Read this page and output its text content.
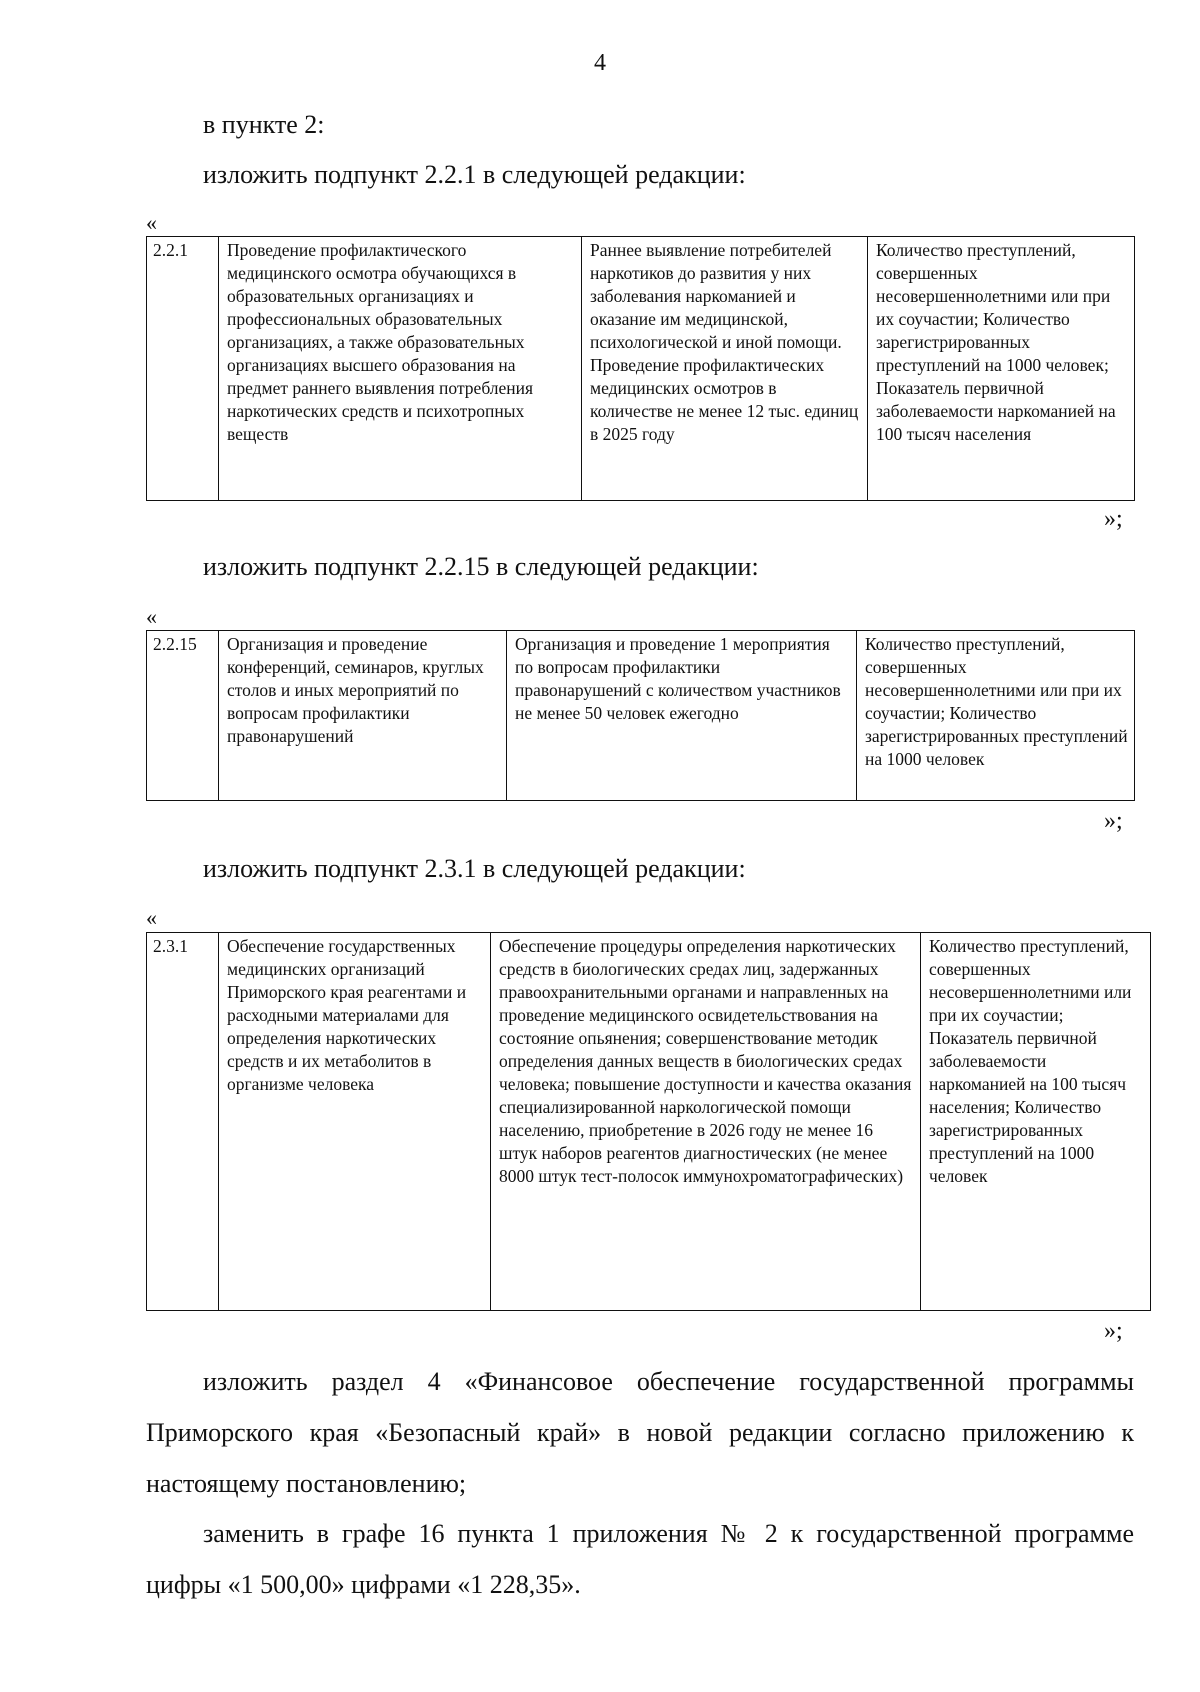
4
в пункте 2:
изложить подпункт 2.2.1 в следующей редакции:
«
2.2.1	Проведение профилактического медицинского осмотра обучающихся в образовательных организациях и профессиональных образовательных организациях, а также образовательных организациях высшего образования на предмет раннего выявления потребления наркотических средств и психотропных веществ	Раннее выявление потребителей наркотиков до развития у них заболевания наркоманией и оказание им медицинской, психологической и иной помощи. Проведение профилактических медицинских осмотров в количестве не менее 12 тыс. единиц в 2025 году	Количество преступлений, совершенных несовершеннолетними или при их соучастии; Количество зарегистрированных преступлений на 1000 человек; Показатель первичной заболеваемости наркоманией на 100 тысяч населения
»;
изложить подпункт 2.2.15 в следующей редакции:
«
2.2.15	Организация и проведение конференций, семинаров, круглых столов и иных мероприятий по вопросам профилактики правонарушений	Организация и проведение 1 мероприятия по вопросам профилактики правонарушений с количеством участников не менее 50 человек ежегодно	Количество преступлений, совершенных несовершеннолетними или при их соучастии; Количество зарегистрированных преступлений на 1000 человек
»;
изложить подпункт 2.3.1 в следующей редакции:
«
2.3.1	Обеспечение государственных медицинских организаций Приморского края реагентами и расходными материалами для определения наркотических средств и их метаболитов в организме человека	Обеспечение процедуры определения наркотических средств в биологических средах лиц, задержанных правоохранительными органами и направленных на проведение медицинского освидетельствования на состояние опьянения; совершенствование методик определения данных веществ в биологических средах человека; повышение доступности и качества оказания специализированной наркологической помощи населению, приобретение в 2026 году не менее 16 штук наборов реагентов диагностических (не менее 8000 штук тест-полосок иммунохроматографических)	Количество преступлений, совершенных несовершеннолетними или при их соучастии; Показатель первичной заболеваемости наркоманией на 100 тысяч населения; Количество зарегистрированных преступлений на 1000 человек
»;
изложить раздел 4 «Финансовое обеспечение государственной программы Приморского края «Безопасный край» в новой редакции согласно приложению к настоящему постановлению;
заменить в графе 16 пункта 1 приложения № 2 к государственной программе цифры «1 500,00» цифрами «1 228,35».
